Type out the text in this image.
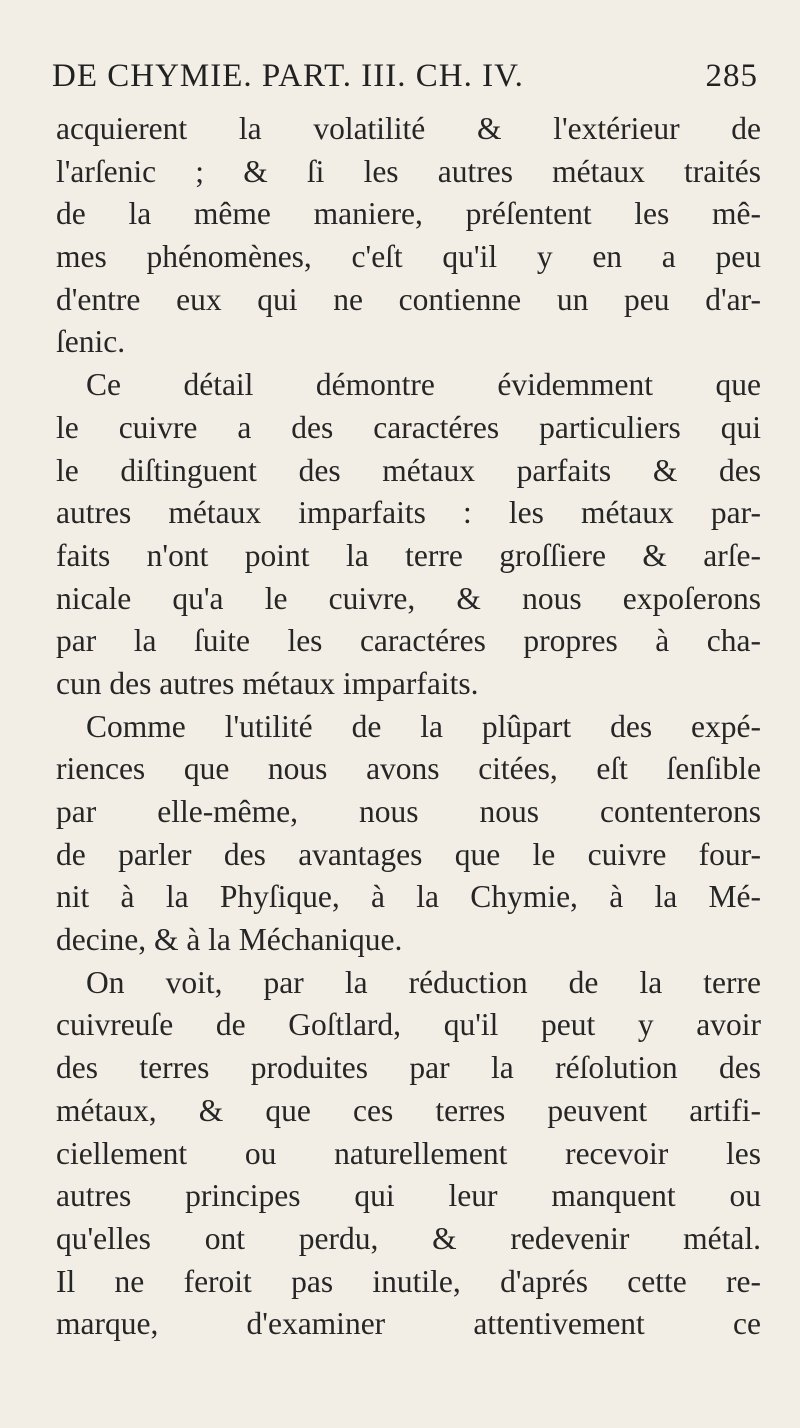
DE CHYMIE. PART. III. CH. IV.	285
acquierent la volatilité & l'extérieur de
l'arſenic ; & ſi les autres métaux traités
de la même maniere, préſentent les mê-
mes phénomènes, c'eſt qu'il y en a peu
d'entre eux qui ne contienne un peu d'ar-
ſenic.
Ce détail démontre évidemment que
le cuivre a des caractéres particuliers qui
le diſtinguent des métaux parfaits & des
autres métaux imparfaits : les métaux par-
faits n'ont point la terre groſſiere & arſe-
nicale qu'a le cuivre, & nous expoſerons
par la ſuite les caractéres propres à cha-
cun des autres métaux imparfaits.
Comme l'utilité de la plûpart des expé-
riences que nous avons citées, eſt ſenſible
par elle-même, nous nous contenterons
de parler des avantages que le cuivre four-
nit à la Phyſique, à la Chymie, à la Mé-
decine, & à la Méchanique.
On voit, par la réduction de la terre
cuivreuſe de Goſtlard, qu'il peut y avoir
des terres produites par la réſolution des
métaux, & que ces terres peuvent artifi-
ciellement ou naturellement recevoir les
autres principes qui leur manquent ou
qu'elles ont perdu, & redevenir métal.
Il ne feroit pas inutile, d'aprés cette re-
marque, d'examiner attentivement ce
